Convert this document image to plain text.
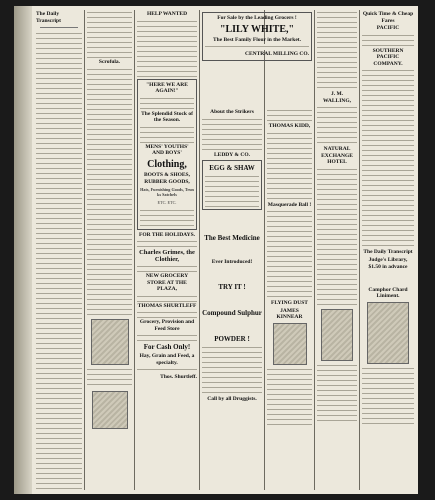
The Daily Transcript
Scrofula.
HELP WANTED
"HERE WE ARE AGAIN!"
The Splendid Stock of the Season.
MENS' YOUTHS' AND BOYS'
Clothing,
BOOTS & SHOES,
RUBBER GOODS,
Hats, Furnishing Goods, Trunks Satchels
ETC. ETC.
FOR THE HOLIDAYS.
Charles Grimes, the Clothier,
NEW GROCERY STORE AT THE PLAZA,
THOMAS SHURTLEFF
Grocery, Provision and Feed Store
For Cash Only!
Hay, Grain and Feed, a specialty.
Thos. Shurtleff.
For Sale by the Leading Grocers !
"LILY WHITE,"
The Best Family Flour in the Market.
CENTRAL MILLING CO.
About the Strikers
LEDDY & CO.
EGG & SHAW
The Best Medicine
Ever Introduced!
TRY IT !
Compound Sulphur
POWDER !
Call by all Druggists.
THOMAS KIDD,
Masquerade Ball !
FLYING DUST
JAMES KINNEAR
J. M. WALLING,
NATURAL EXCHANGE HOTEL
Quick Time & Cheap Fares
PACIFIC
SOUTHERN PACIFIC COMPANY.
The Daily Transcript
Judge's Library,
$1.50 in advance
Camphor Chard Liniment.
